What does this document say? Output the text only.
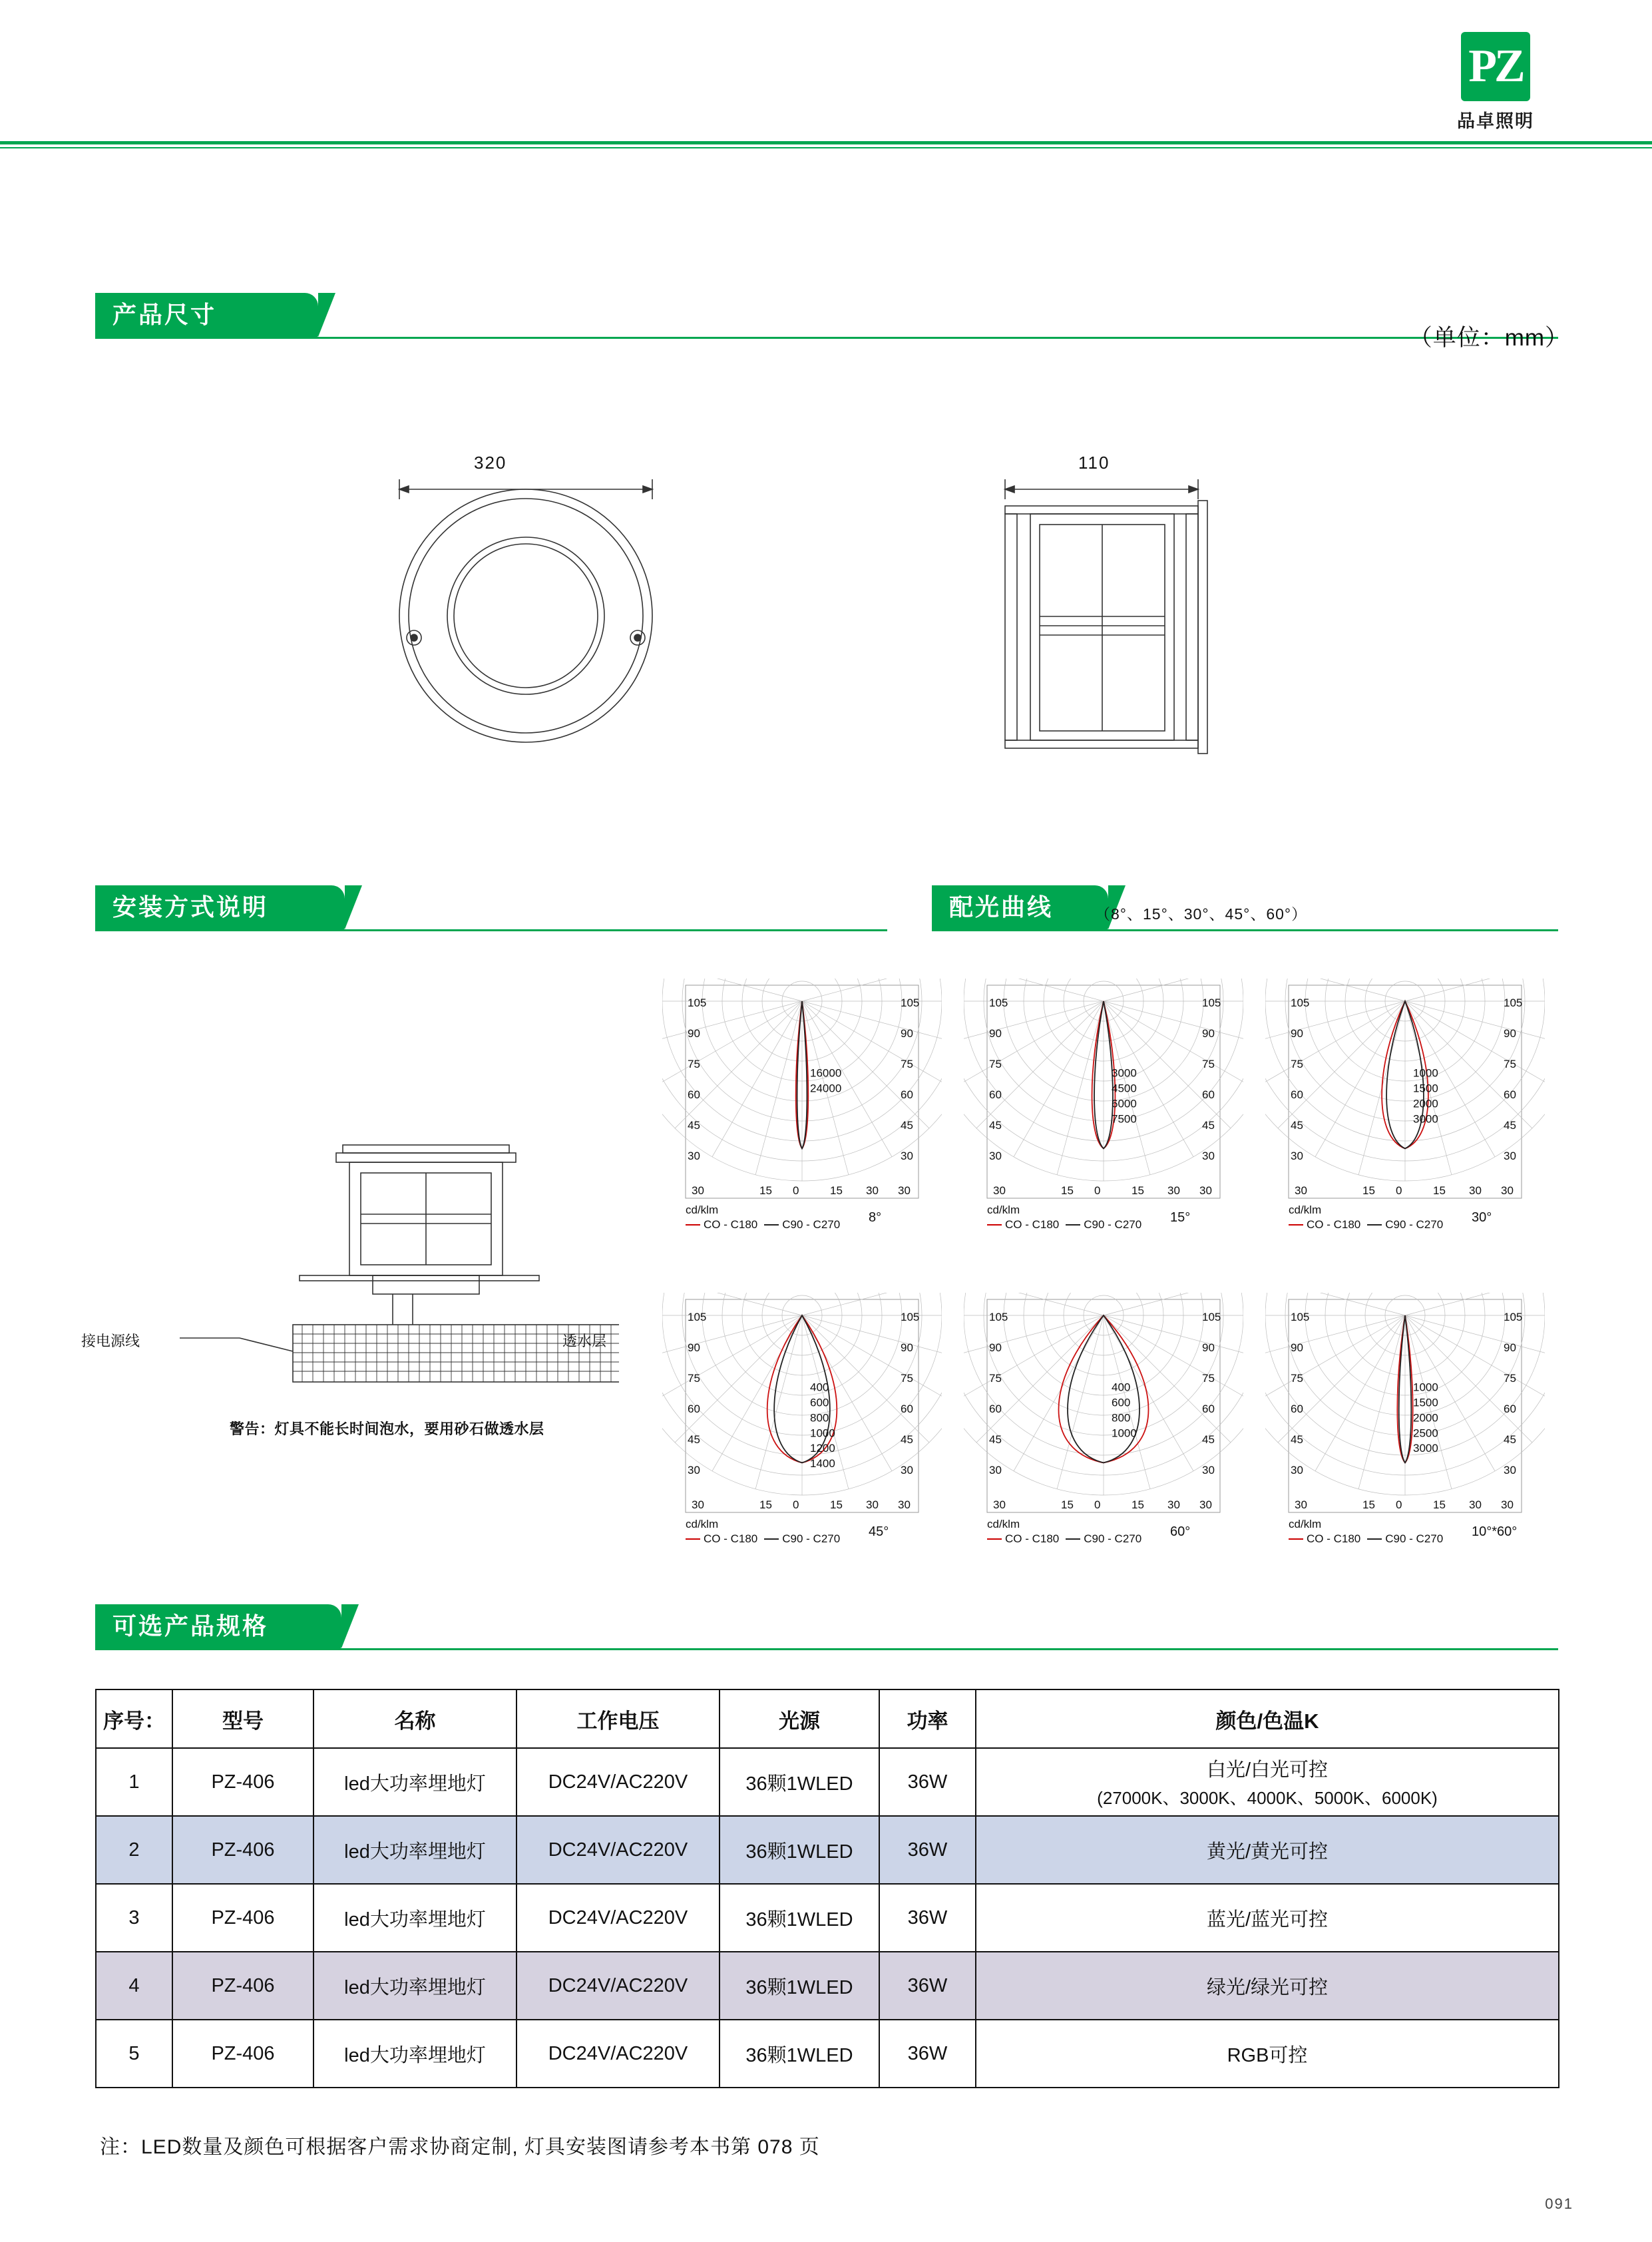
PZ
品卓照明
产品尺寸
（单位：mm）
320	110
安装方式说明	配光曲线	（8°、15°、30°、45°、60°）
接电源线	透水层
警告：灯具不能长时间泡水，要用砂石做透水层
16000
24000
105	105
90	90
75	75
60	60
45	45
30	30
15 0	15 30
30	30
cd/klm
CO - C180 C90 - C270 8°
3000
4500
6000
7500
105	105
90	90
75	75
60	60
45	45
30	30
15 0	15 30
30	30
cd/klm
CO - C180 C90 - C270 15°
1000
1500
2000
3000
105	105
90	90
75	75
60	60
45	45
30	30
15 0	15 30
30	30
cd/klm
CO - C180 C90 - C270 30°
400
600
800
1000
1200
1400
105	105
90	90
75	75
60	60
45	45
30	30
15 0	15 30
30	30
cd/klm
CO - C180 C90 - C270 45°
400
600
800
1000
105	105
90	90
75	75
60	60
45	45
30	30
15 0	15 30
30	30
cd/klm
CO - C180 C90 - C270 60°
1000
1500
2000
2500
3000
105	105
90	90
75	75
60	60
45	45
30	30
15 0	15 30
30	30
cd/klm
CO - C180 C90 - C270 10°*60°
可选产品规格
序号：	型号	名称	工作电压	光源	功率	颜色/色温K
1	PZ-406	led大功率埋地灯	DC24V/AC220V	36颗1WLED	36W	白光/白光可控
(27000K、3000K、4000K、5000K、6000K)

2	PZ-406	led大功率埋地灯	DC24V/AC220V	36颗1WLED	36W	黄光/黄光可控

3	PZ-406	led大功率埋地灯	DC24V/AC220V	36颗1WLED	36W	蓝光/蓝光可控

4	PZ-406	led大功率埋地灯	DC24V/AC220V	36颗1WLED	36W	绿光/绿光可控

5	PZ-406	led大功率埋地灯	DC24V/AC220V	36颗1WLED	36W	RGB可控
注：LED数量及颜色可根据客户需求协商定制, 灯具安装图请参考本书第 078 页
091
